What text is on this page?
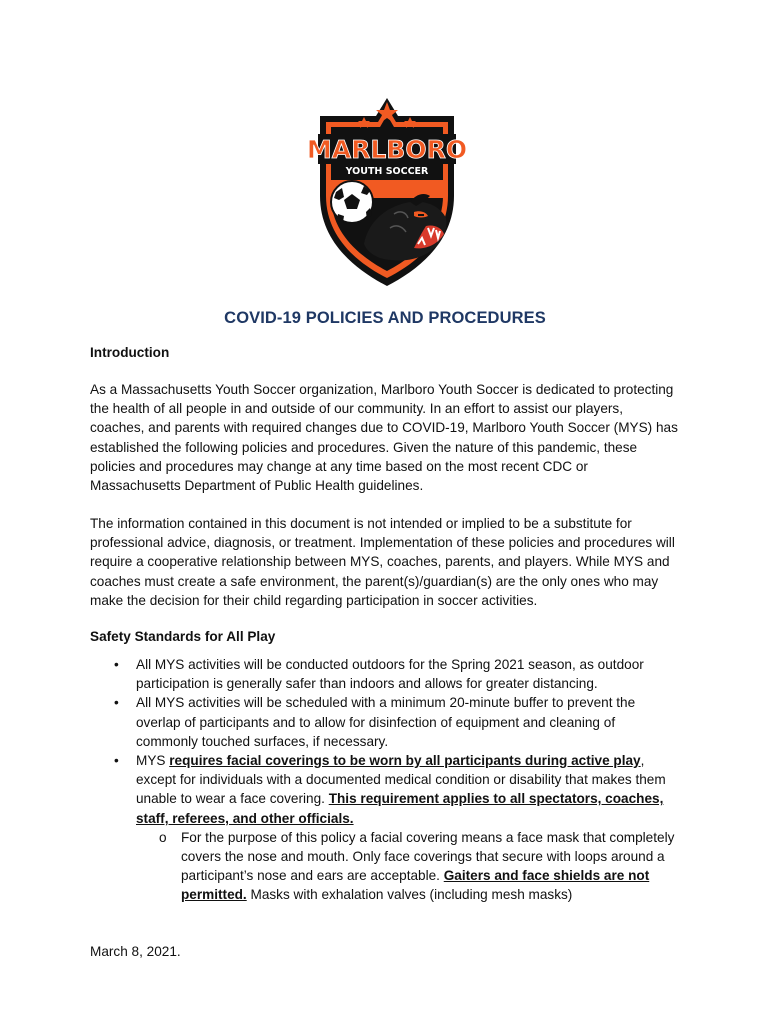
MARLBORO
YOUTH SOCCER
COVID-19 POLICIES AND PROCEDURES
Introduction
As a Massachusetts Youth Soccer organization, Marlboro Youth Soccer is dedicated to protecting the health of all people in and outside of our community. In an effort to assist our players, coaches, and parents with required changes due to COVID-19, Marlboro Youth Soccer (MYS) has established the following policies and procedures. Given the nature of this pandemic, these policies and procedures may change at any time based on the most recent CDC or Massachusetts Department of Public Health guidelines.
The information contained in this document is not intended or implied to be a substitute for professional advice, diagnosis, or treatment. Implementation of these policies and procedures will require a cooperative relationship between MYS, coaches, parents, and players. While MYS and coaches must create a safe environment, the parent(s)/guardian(s) are the only ones who may make the decision for their child regarding participation in soccer activities.
Safety Standards for All Play
• All MYS activities will be conducted outdoors for the Spring 2021 season, as outdoor participation is generally safer than indoors and allows for greater distancing.
• All MYS activities will be scheduled with a minimum 20-minute buffer to prevent the overlap of participants and to allow for disinfection of equipment and cleaning of commonly touched surfaces, if necessary.
• MYS requires facial coverings to be worn by all participants during active play, except for individuals with a documented medical condition or disability that makes them unable to wear a face covering. This requirement applies to all spectators, coaches, staff, referees, and other officials.
o For the purpose of this policy a facial covering means a face mask that completely covers the nose and mouth. Only face coverings that secure with loops around a participant’s nose and ears are acceptable. Gaiters and face shields are not permitted. Masks with exhalation valves (including mesh masks)
March 8, 2021.
